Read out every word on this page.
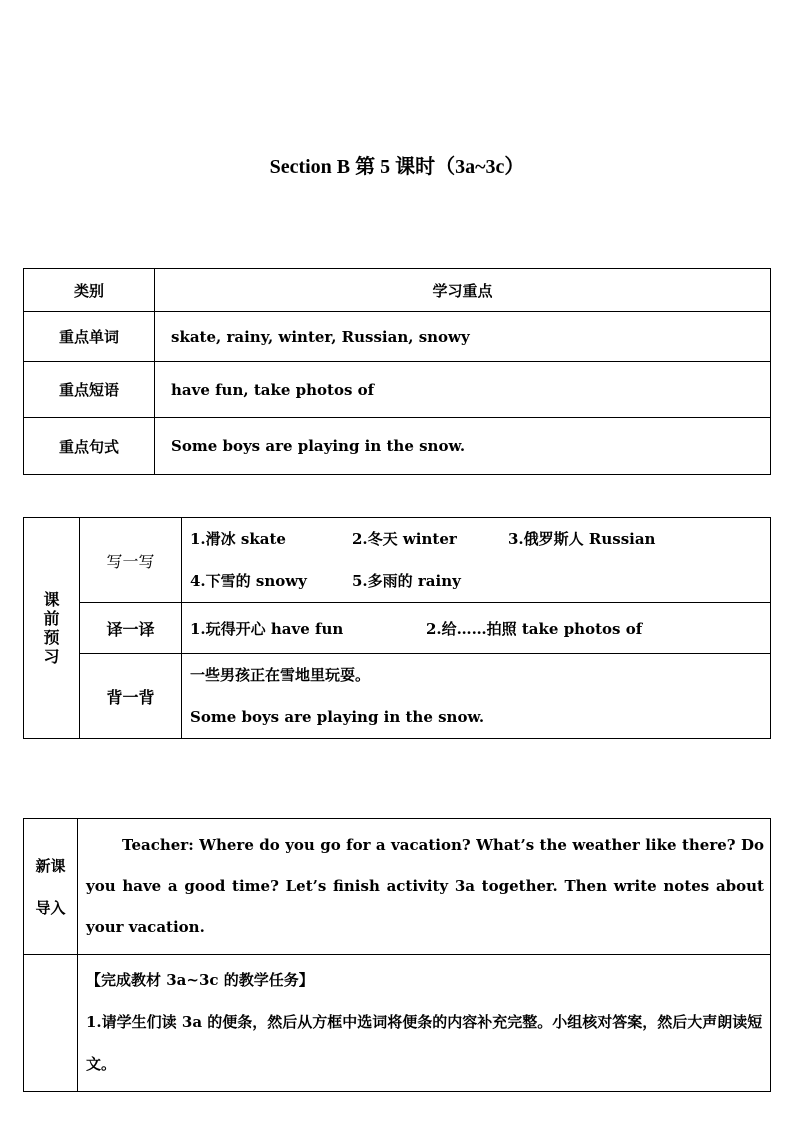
Section B 第 5 课时（3a~3c）
类别	学习重点
重点单词	skate, rainy, winter, Russian, snowy
重点短语	have fun, take photos of
重点句式	Some boys are playing in the snow.
课前预习	写一写	1.滑冰 skate 2.冬天 winter 3.俄罗斯人 Russian
4.下雪的 snowy 5.多雨的 rainy

	译一译	1.玩得开心 have fun 2.给……拍照 take photos of
	背一背	一些男孩正在雪地里玩耍。
Some boys are playing in the snow.
新课
导入	Teacher: Where do you go for a vacation? What’s the weather like there? Do you have a good time? Let’s finish activity 3a together. Then write notes about your vacation.

	【完成教材 3a~3c 的教学任务】
1.请学生们读 3a 的便条，然后从方框中选词将便条的内容补充完整。小组核对答案，然后大声朗读短文。
